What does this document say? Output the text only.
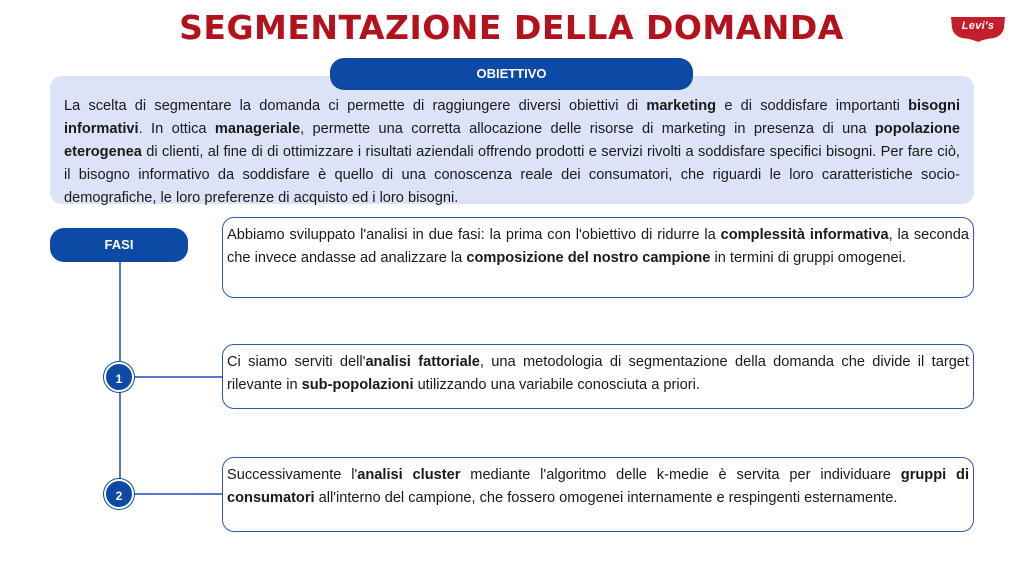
SEGMENTAZIONE DELLA DOMANDA	Levi's
OBIETTIVO
La scelta di segmentare la domanda ci permette di raggiungere diversi obiettivi di marketing e di soddisfare importanti bisogni informativi. In ottica manageriale, permette una corretta allocazione delle risorse di marketing in presenza di una popolazione eterogenea di clienti, al fine di di ottimizzare i risultati aziendali offrendo prodotti e servizi rivolti a soddisfare specifici bisogni. Per fare ciò, il bisogno informativo da soddisfare è quello di una conoscenza reale dei consumatori, che riguardi le loro caratteristiche socio-demografiche, le loro preferenze di acquisto ed i loro bisogni.
FASI
1
2
Abbiamo sviluppato l'analisi in due fasi: la prima con l'obiettivo di ridurre la complessità informativa, la seconda che invece andasse ad analizzare la composizione del nostro campione in termini di gruppi omogenei.
Ci siamo serviti dell'analisi fattoriale, una metodologia di segmentazione della domanda che divide il target rilevante in sub-popolazioni utilizzando una variabile conosciuta a priori.
Successivamente l'analisi cluster mediante l'algoritmo delle k-medie è servita per individuare gruppi di consumatori all'interno del campione, che fossero omogenei internamente e respingenti esternamente.
